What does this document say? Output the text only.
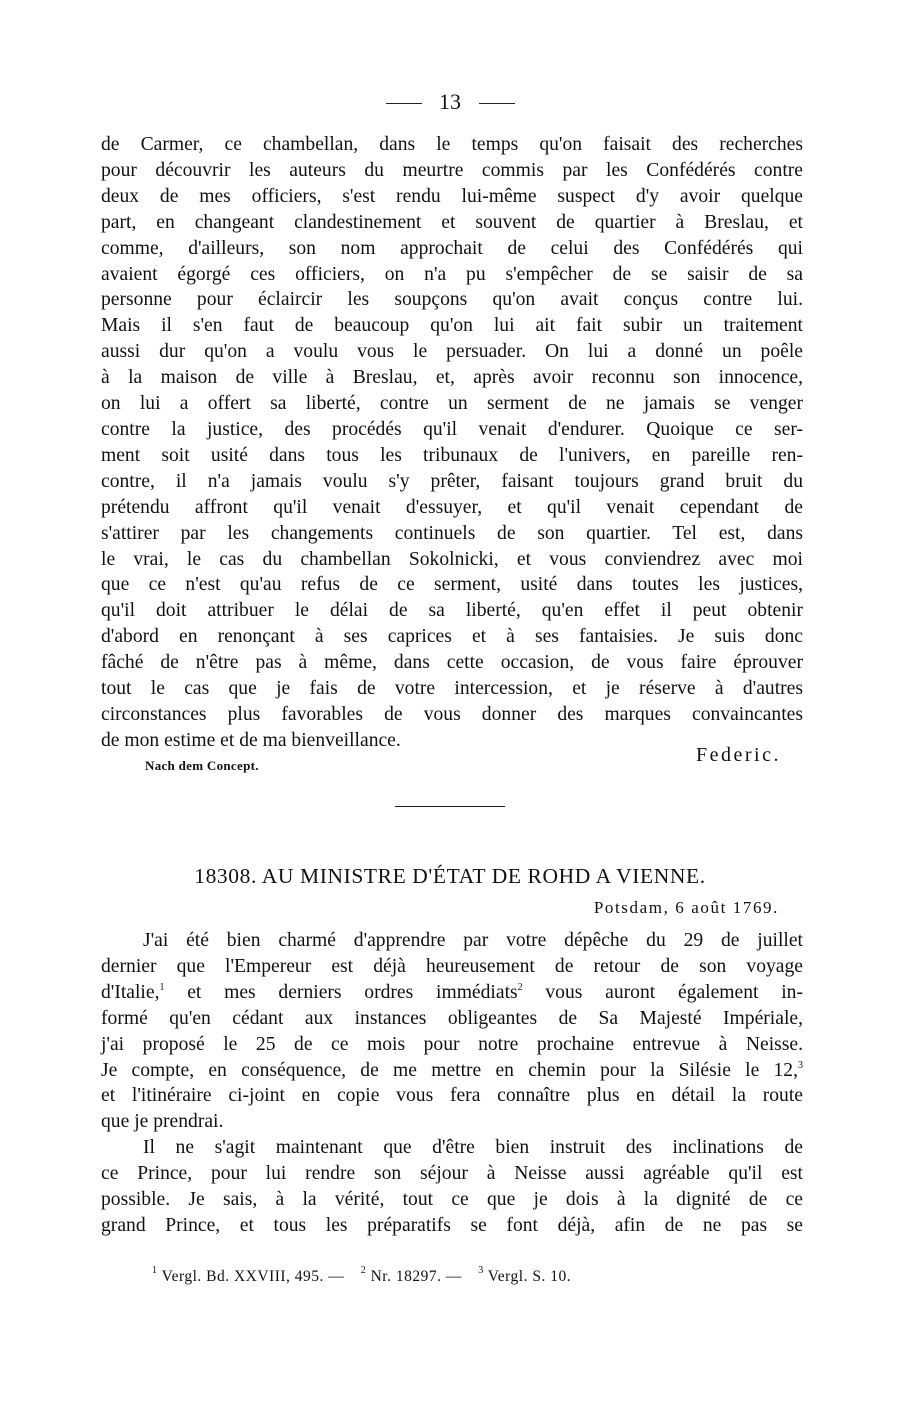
13
de Carmer, ce chambellan, dans le temps qu'on faisait des recherches
pour découvrir les auteurs du meurtre commis par les Confédérés contre
deux de mes officiers, s'est rendu lui-même suspect d'y avoir quelque
part, en changeant clandestinement et souvent de quartier à Breslau, et
comme, d'ailleurs, son nom approchait de celui des Confédérés qui
avaient égorgé ces officiers, on n'a pu s'empêcher de se saisir de sa
personne pour éclaircir les soupçons qu'on avait conçus contre lui.
Mais il s'en faut de beaucoup qu'on lui ait fait subir un traitement
aussi dur qu'on a voulu vous le persuader. On lui a donné un poêle
à la maison de ville à Breslau, et, après avoir reconnu son innocence,
on lui a offert sa liberté, contre un serment de ne jamais se venger
contre la justice, des procédés qu'il venait d'endurer. Quoique ce ser-
ment soit usité dans tous les tribunaux de l'univers, en pareille ren-
contre, il n'a jamais voulu s'y prêter, faisant toujours grand bruit du
prétendu affront qu'il venait d'essuyer, et qu'il venait cependant de
s'attirer par les changements continuels de son quartier. Tel est, dans
le vrai, le cas du chambellan Sokolnicki, et vous conviendrez avec moi
que ce n'est qu'au refus de ce serment, usité dans toutes les justices,
qu'il doit attribuer le délai de sa liberté, qu'en effet il peut obtenir
d'abord en renonçant à ses caprices et à ses fantaisies. Je suis donc
fâché de n'être pas à même, dans cette occasion, de vous faire éprouver
tout le cas que je fais de votre intercession, et je réserve à d'autres
circonstances plus favorables de vous donner des marques convaincantes
de mon estime et de ma bienveillance.
Nach dem Concept.	Federic.
18308. AU MINISTRE D'ÉTAT DE ROHD A VIENNE.
Potsdam, 6 août 1769.
J'ai été bien charmé d'apprendre par votre dépêche du 29 de juillet
dernier que l'Empereur est déjà heureusement de retour de son voyage
d'Italie,$^1$ et mes derniers ordres immédiats$^2$ vous auront également in-
formé qu'en cédant aux instances obligeantes de Sa Majesté Impériale,
j'ai proposé le 25 de ce mois pour notre prochaine entrevue à Neisse.
Je compte, en conséquence, de me mettre en chemin pour la Silésie le 12,$^3$
et l'itinéraire ci-joint en copie vous fera connaître plus en détail la route
que je prendrai.
Il ne s'agit maintenant que d'être bien instruit des inclinations de
ce Prince, pour lui rendre son séjour à Neisse aussi agréable qu'il est
possible. Je sais, à la vérité, tout ce que je dois à la dignité de ce
grand Prince, et tous les préparatifs se font déjà, afin de ne pas se
$^1$ Vergl. Bd. XXVIII, 495. — $^2$ Nr. 18297. — $^3$ Vergl. S. 10.
